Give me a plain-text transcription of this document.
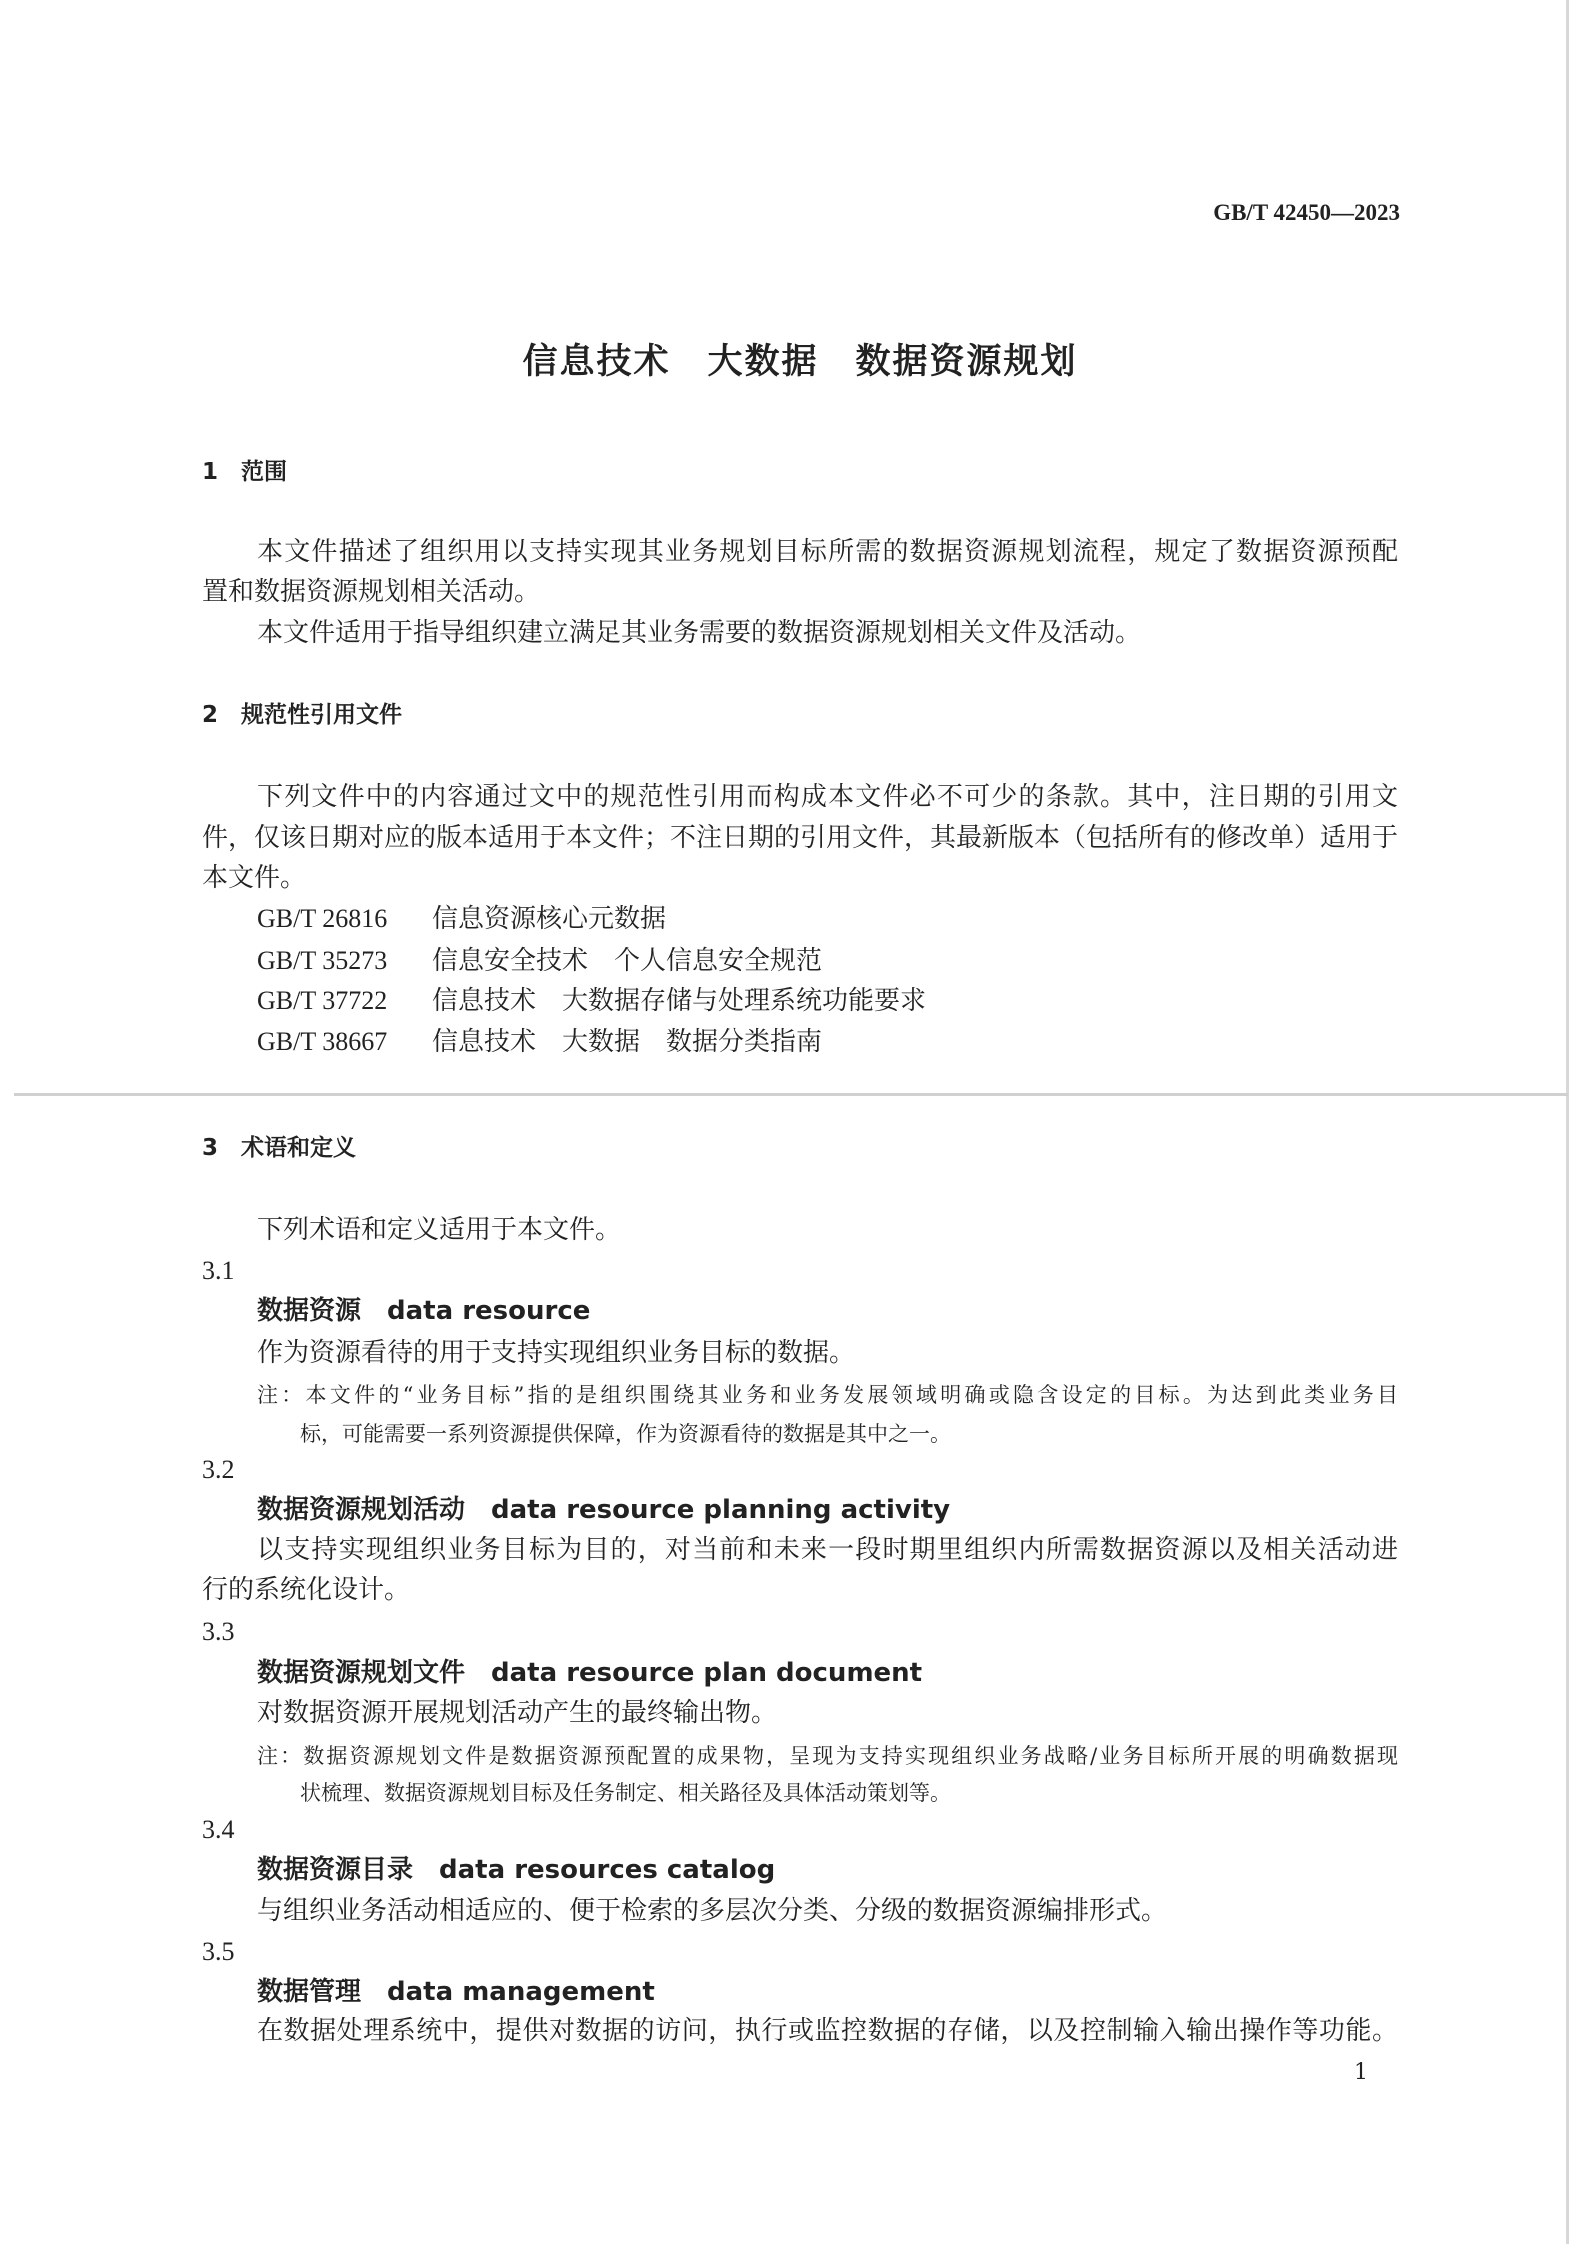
GB/T 42450—2023
信息技术　大数据　数据资源规划
1　范围
本文件描述了组织用以支持实现其业务规划目标所需的数据资源规划流程，规定了数据资源预配
置和数据资源规划相关活动。
本文件适用于指导组织建立满足其业务需要的数据资源规划相关文件及活动。
2　规范性引用文件
下列文件中的内容通过文中的规范性引用而构成本文件必不可少的条款。其中，注日期的引用文
件，仅该日期对应的版本适用于本文件；不注日期的引用文件，其最新版本（包括所有的修改单）适用于
本文件。
GB/T 26816 信息资源核心元数据
GB/T 35273 信息安全技术　个人信息安全规范
GB/T 37722 信息技术　大数据存储与处理系统功能要求
GB/T 38667 信息技术　大数据　数据分类指南
3　术语和定义
下列术语和定义适用于本文件。
3.1
数据资源 data resource
作为资源看待的用于支持实现组织业务目标的数据。
注：本文件的“业务目标”指的是组织围绕其业务和业务发展领域明确或隐含设定的目标。为达到此类业务目
标，可能需要一系列资源提供保障，作为资源看待的数据是其中之一。
3.2
数据资源规划活动 data resource planning activity
以支持实现组织业务目标为目的，对当前和未来一段时期里组织内所需数据资源以及相关活动进
行的系统化设计。
3.3
数据资源规划文件 data resource plan document
对数据资源开展规划活动产生的最终输出物。
注：数据资源规划文件是数据资源预配置的成果物，呈现为支持实现组织业务战略/业务目标所开展的明确数据现
状梳理、数据资源规划目标及任务制定、相关路径及具体活动策划等。
3.4
数据资源目录 data resources catalog
与组织业务活动相适应的、便于检索的多层次分类、分级的数据资源编排形式。
3.5
数据管理 data management
在数据处理系统中，提供对数据的访问，执行或监控数据的存储，以及控制输入输出操作等功能。
1
